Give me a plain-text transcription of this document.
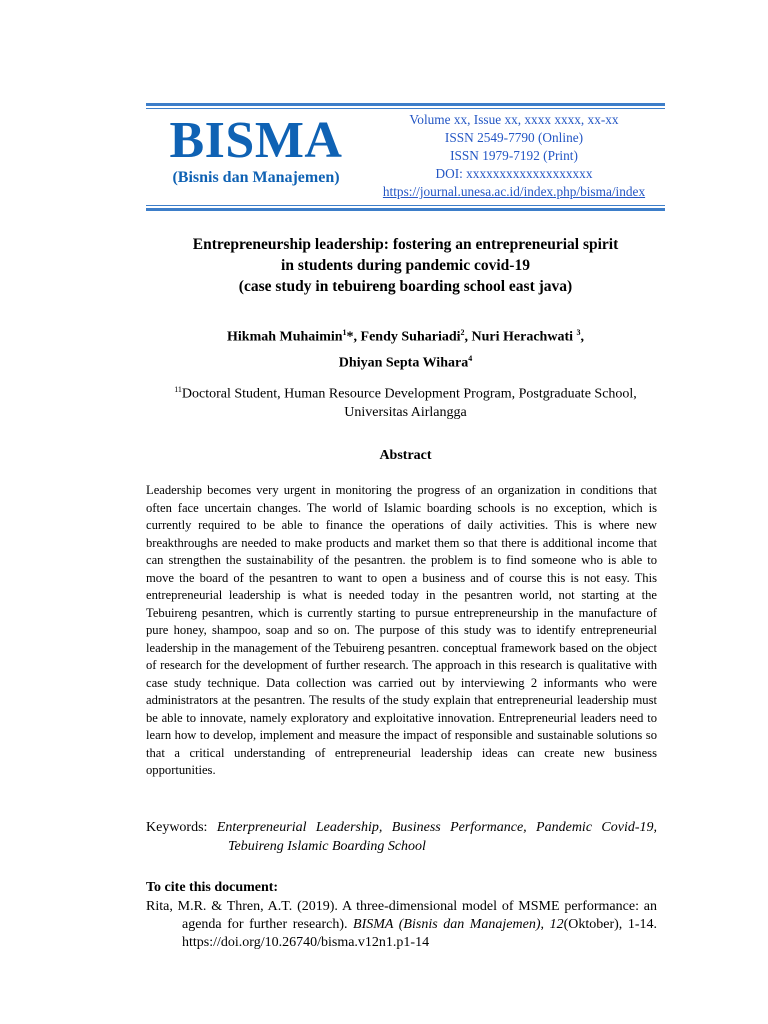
BISMA
(Bisnis dan Manajemen)
Volume xx, Issue xx, xxxx xxxx, xx-xx
ISSN 2549-7790 (Online)
ISSN 1979-7192 (Print)
DOI: xxxxxxxxxxxxxxxxxxx
https://journal.unesa.ac.id/index.php/bisma/index
Entrepreneurship leadership: fostering an entrepreneurial spirit
in students during pandemic covid-19
(case study in tebuireng boarding school east java)
Hikmah Muhaimin$^1$*, Fendy Suhariadi$^2$, Nuri Herachwati $^3$,
Dhiyan Septa Wihara$^4$
$^{11}$Doctoral Student, Human Resource Development Program, Postgraduate School,
Universitas Airlangga
Abstract
Leadership becomes very urgent in monitoring the progress of an organization in conditions that often face uncertain changes. The world of Islamic boarding schools is no exception, which is currently required to be able to finance the operations of daily activities. This is where new breakthroughs are needed to make products and market them so that there is additional income that can strengthen the sustainability of the pesantren. the problem is to find someone who is able to move the board of the pesantren to want to open a business and of course this is not easy. This entrepreneurial leadership is what is needed today in the pesantren world, not starting at the Tebuireng pesantren, which is currently starting to pursue entrepreneurship in the manufacture of pure honey, shampoo, soap and so on. The purpose of this study was to identify entrepreneurial leadership in the management of the Tebuireng pesantren. conceptual framework based on the object of research for the development of further research. The approach in this research is qualitative with case study technique. Data collection was carried out by interviewing 2 informants who were administrators at the pesantren. The results of the study explain that entrepreneurial leadership must be able to innovate, namely exploratory and exploitative innovation. Entrepreneurial leaders need to learn how to develop, implement and measure the impact of responsible and sustainable solutions so that a critical understanding of entrepreneurial leadership ideas can create new business opportunities.
Keywords: Enterpreneurial Leadership, Business Performance, Pandemic Covid-19, Tebuireng Islamic Boarding School
To cite this document:
Rita, M.R. & Thren, A.T. (2019). A three-dimensional model of MSME performance: an agenda for further research). BISMA (Bisnis dan Manajemen), 12(Oktober), 1-14. https://doi.org/10.26740/bisma.v12n1.p1-14
